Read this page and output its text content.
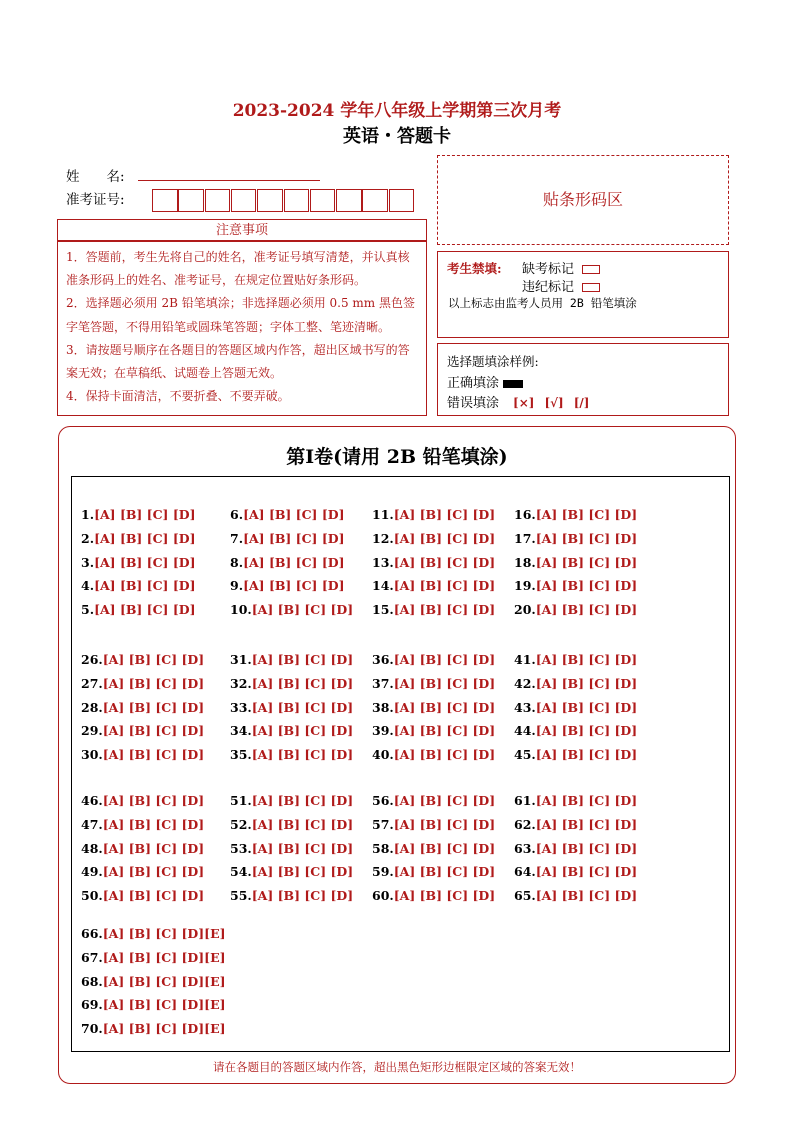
2023-2024 学年八年级上学期第三次月考
英语・答题卡
姓　　名:
准考证号:	贴条形码区
注意事项

1．答题前，考生先将自己的姓名，准考证号填写清楚，并认真核准条形码上的姓名、准考证号，在规定位置贴好条形码。

2．选择题必须用 2B 铅笔填涂；非选择题必须用 0.5 mm 黑色签字笔答题，不得用铅笔或圆珠笔答题；字体工整、笔迹清晰。

3．请按题号顺序在各题目的答题区域内作答，超出区域书写的答案无效；在草稿纸、试题卷上答题无效。

4．保持卡面清洁，不要折叠、不要弄破。

考生禁填: 缺考标记
违纪标记
以上标志由监考人员用 2B 铅笔填涂
选择题填涂样例:
正确填涂
错误填涂 [×] [√] [/]
第Ⅰ卷(请用 2B 铅笔填涂)
请在各题目的答题区域内作答，超出黑色矩形边框限定区域的答案无效！
1.[A] [B] [C] [D]
2.[A] [B] [C] [D]
3.[A] [B] [C] [D]
4.[A] [B] [C] [D]
5.[A] [B] [C] [D]
6.[A] [B] [C] [D]
7.[A] [B] [C] [D]
8.[A] [B] [C] [D]
9.[A] [B] [C] [D]
10.[A] [B] [C] [D]
11.[A] [B] [C] [D]
12.[A] [B] [C] [D]
13.[A] [B] [C] [D]
14.[A] [B] [C] [D]
15.[A] [B] [C] [D]
16.[A] [B] [C] [D]
17.[A] [B] [C] [D]
18.[A] [B] [C] [D]
19.[A] [B] [C] [D]
20.[A] [B] [C] [D]
26.[A] [B] [C] [D]
27.[A] [B] [C] [D]
28.[A] [B] [C] [D]
29.[A] [B] [C] [D]
30.[A] [B] [C] [D]
31.[A] [B] [C] [D]
32.[A] [B] [C] [D]
33.[A] [B] [C] [D]
34.[A] [B] [C] [D]
35.[A] [B] [C] [D]
36.[A] [B] [C] [D]
37.[A] [B] [C] [D]
38.[A] [B] [C] [D]
39.[A] [B] [C] [D]
40.[A] [B] [C] [D]
41.[A] [B] [C] [D]
42.[A] [B] [C] [D]
43.[A] [B] [C] [D]
44.[A] [B] [C] [D]
45.[A] [B] [C] [D]
46.[A] [B] [C] [D]
47.[A] [B] [C] [D]
48.[A] [B] [C] [D]
49.[A] [B] [C] [D]
50.[A] [B] [C] [D]
51.[A] [B] [C] [D]
52.[A] [B] [C] [D]
53.[A] [B] [C] [D]
54.[A] [B] [C] [D]
55.[A] [B] [C] [D]
56.[A] [B] [C] [D]
57.[A] [B] [C] [D]
58.[A] [B] [C] [D]
59.[A] [B] [C] [D]
60.[A] [B] [C] [D]
61.[A] [B] [C] [D]
62.[A] [B] [C] [D]
63.[A] [B] [C] [D]
64.[A] [B] [C] [D]
65.[A] [B] [C] [D]
66.[A] [B] [C] [D][E]
67.[A] [B] [C] [D][E]
68.[A] [B] [C] [D][E]
69.[A] [B] [C] [D][E]
70.[A] [B] [C] [D][E]
